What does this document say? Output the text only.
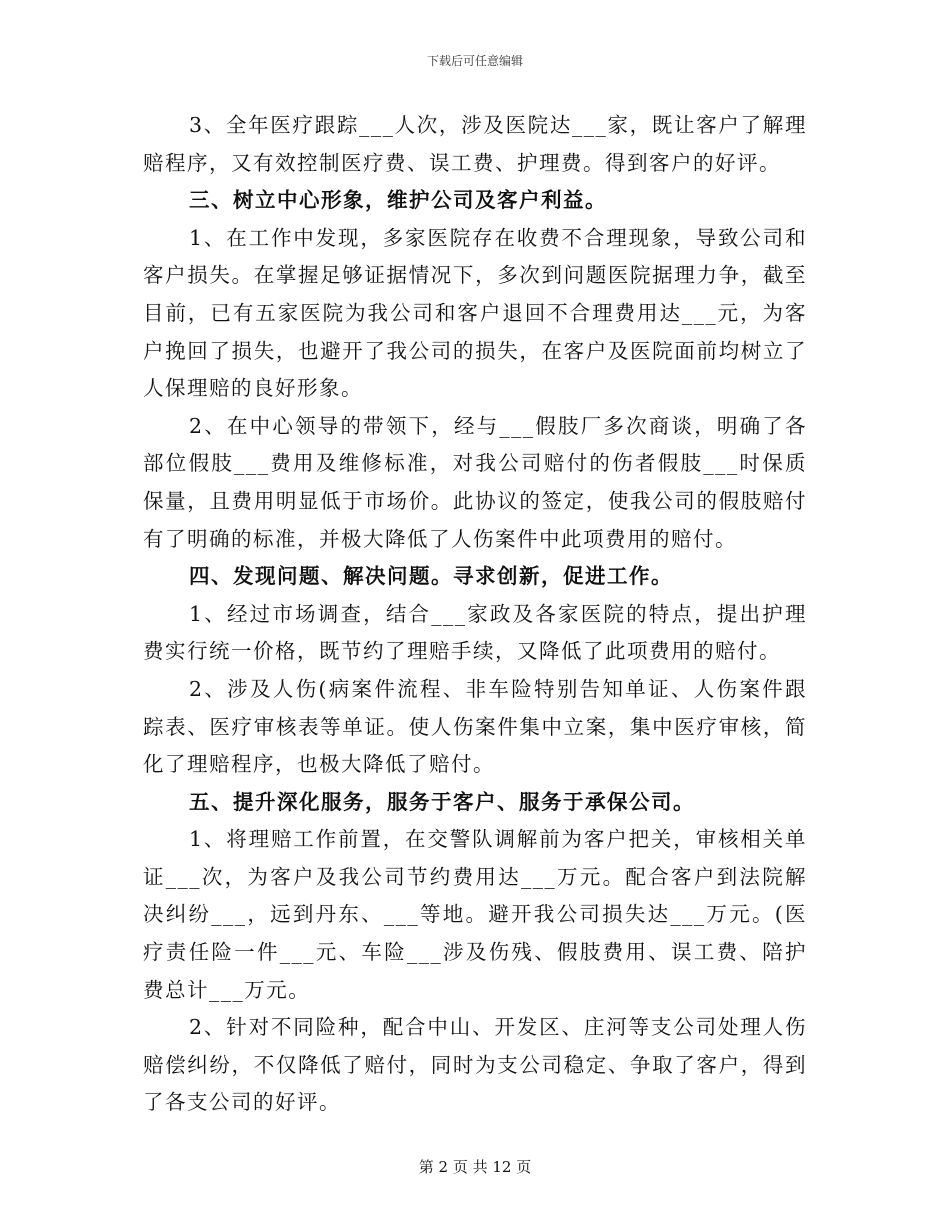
下载后可任意编辑

3、全年医疗跟踪___人次，涉及医院达___家，既让客户了解理赔程序，又有效控制医疗费、误工费、护理费。得到客户的好评。

三、树立中心形象，维护公司及客户利益。

1、在工作中发现，多家医院存在收费不合理现象，导致公司和客户损失。在掌握足够证据情况下，多次到问题医院据理力争，截至目前，已有五家医院为我公司和客户退回不合理费用达___元，为客户挽回了损失，也避开了我公司的损失，在客户及医院面前均树立了人保理赔的良好形象。

2、在中心领导的带领下，经与___假肢厂多次商谈，明确了各部位假肢___费用及维修标准，对我公司赔付的伤者假肢___时保质保量，且费用明显低于市场价。此协议的签定，使我公司的假肢赔付有了明确的标准，并极大降低了人伤案件中此项费用的赔付。

四、发现问题、解决问题。寻求创新，促进工作。

1、经过市场调查，结合___家政及各家医院的特点，提出护理费实行统一价格，既节约了理赔手续，又降低了此项费用的赔付。

2、涉及人伤(病案件流程、非车险特别告知单证、人伤案件跟踪表、医疗审核表等单证。使人伤案件集中立案，集中医疗审核，简化了理赔程序，也极大降低了赔付。

五、提升深化服务，服务于客户、服务于承保公司。

1、将理赔工作前置，在交警队调解前为客户把关，审核相关单证___次，为客户及我公司节约费用达___万元。配合客户到法院解决纠纷___，远到丹东、___等地。避开我公司损失达___万元。(医疗责任险一件___元、车险___涉及伤残、假肢费用、误工费、陪护费总计___万元。

2、针对不同险种，配合中山、开发区、庄河等支公司处理人伤赔偿纠纷，不仅降低了赔付，同时为支公司稳定、争取了客户，得到了各支公司的好评。

第 2 页 共 12 页
